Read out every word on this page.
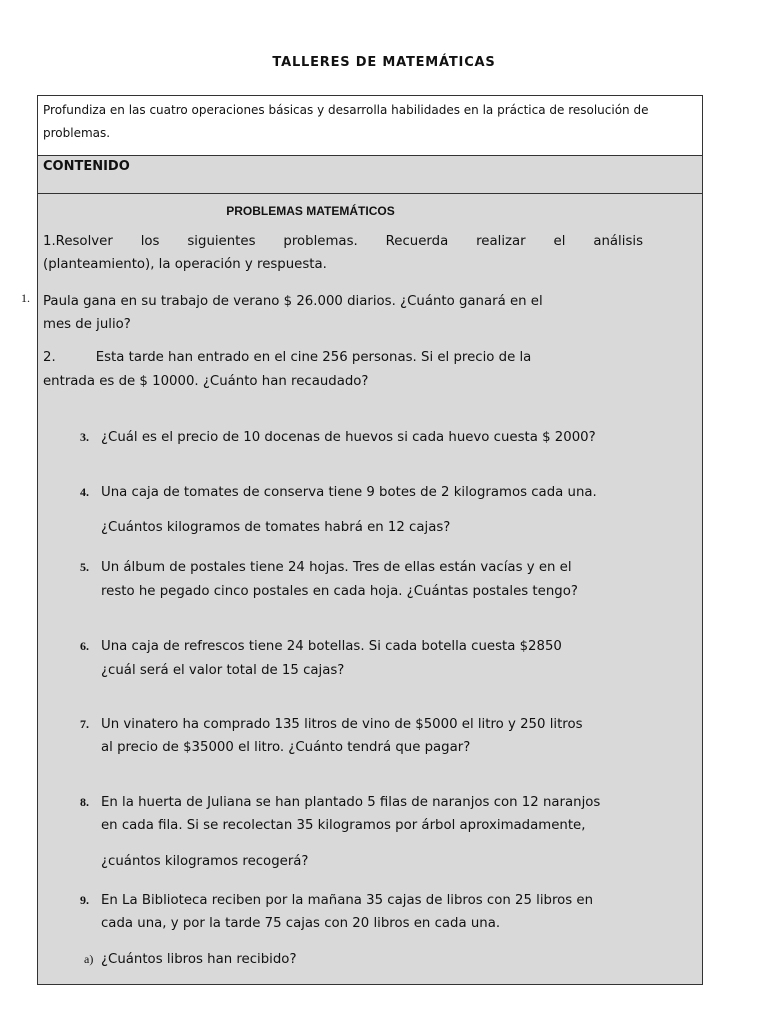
TALLERES DE MATEMÁTICAS
Profundiza en las cuatro operaciones básicas y desarrolla habilidades en la práctica de resolución de problemas.
CONTENIDO
1.
PROBLEMAS MATEMÁTICOS
1.Resolver los siguientes problemas. Recuerda realizar el análisis
(planteamiento), la operación y respuesta.
Paula gana en su trabajo de verano $ 26.000 diarios. ¿Cuánto ganará en el
mes de julio?
2.	Esta tarde han entrado en el cine 256 personas. Si el precio de la
entrada es de $ 10000. ¿Cuánto han recaudado?
3. ¿Cuál es el precio de 10 docenas de huevos si cada huevo cuesta $ 2000?
4. Una caja de tomates de conserva tiene 9 botes de 2 kilogramos cada una.
¿Cuántos kilogramos de tomates habrá en 12 cajas?
5. Un álbum de postales tiene 24 hojas. Tres de ellas están vacías y en el
resto he pegado cinco postales en cada hoja. ¿Cuántas postales tengo?
6. Una caja de refrescos tiene 24 botellas. Si cada botella cuesta $2850
¿cuál será el valor total de 15 cajas?
7. Un vinatero ha comprado 135 litros de vino de $5000 el litro y 250 litros
al precio de $35000 el litro. ¿Cuánto tendrá que pagar?
8. En la huerta de Juliana se han plantado 5 filas de naranjos con 12 naranjos
en cada fila. Si se recolectan 35 kilogramos por árbol aproximadamente,
¿cuántos kilogramos recogerá?
9. En La Biblioteca reciben por la mañana 35 cajas de libros con 25 libros en
cada una, y por la tarde 75 cajas con 20 libros en cada una.
a) ¿Cuántos libros han recibido?
